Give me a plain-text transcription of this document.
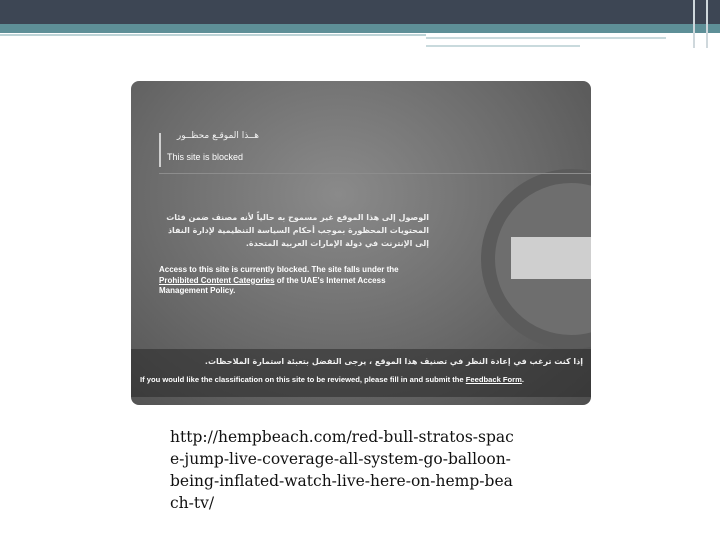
هــذا الموقـع محظــور
This site is blocked
الوصول إلى هذا الموقع غير مسموح به حالياً لأنه مصنف ضمن فئات المحتويات المحظورة بموجب أحكام السياسة التنظيمية لإدارة النفاذ إلى الإنترنت في دولة الإمارات العربية المتحدة.
Access to this site is currently blocked. The site falls under the Prohibited Content Categories of the UAE's Internet Access Management Policy.
إذا كنت ترغب في إعادة النظر في تصنيف هذا الموقع ، يرجى التفضل بتعبئة استمارة الملاحظات.
If you would like the classification on this site to be reviewed, please fill in and submit the Feedback Form.
http://hempbeach.com/red-bull-stratos-space-jump-live-coverage-all-system-go-balloon-being-inflated-watch-live-here-on-hemp-beach-tv/
